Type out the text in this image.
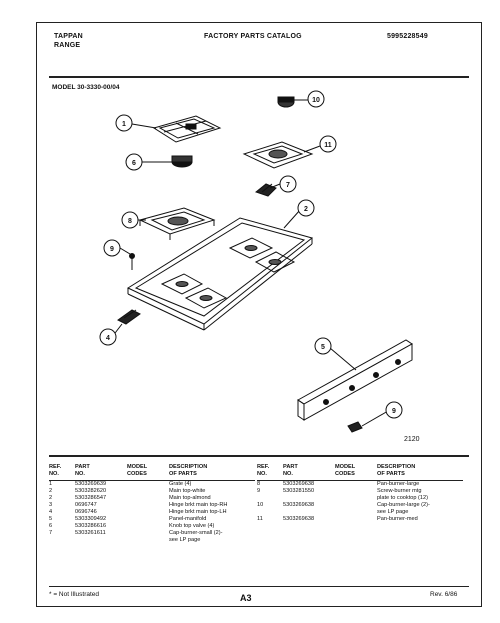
TAPPAN
RANGE
FACTORY PARTS CATALOG	5995228549
MODEL 30-3330-00/04
1
6
10
11
7
8
9
2
4
5
9
2120
REF.
NO.	PART
NO.	MODEL
CODES	DESCRIPTION
OF PARTS
1	5303269639		Grate (4)
2	5303282620		Main top-white
2	5303286547		Main top-almond
3	0696747		Hinge brkt main top-RH
4	0696746		Hinge brkt main top-LH
5	5303309492		Panel-manifold
6	5303286616		Knob top valve (4)
7	5303261611		Cap-burner-small (2)-
			see LP page
REF.
NO.	PART
NO.	MODEL
CODES	DESCRIPTION
OF PARTS
8	5303269638		Pan-burner-large
9	5303281550		Screw-burner mtg
			plate to cooktop (12)
10	5303269638		Cap-burner-large (2)-
			see LP page
11	5303269638		Pan-burner-med
* = Not Illustrated	A3	Rev. 6/86
